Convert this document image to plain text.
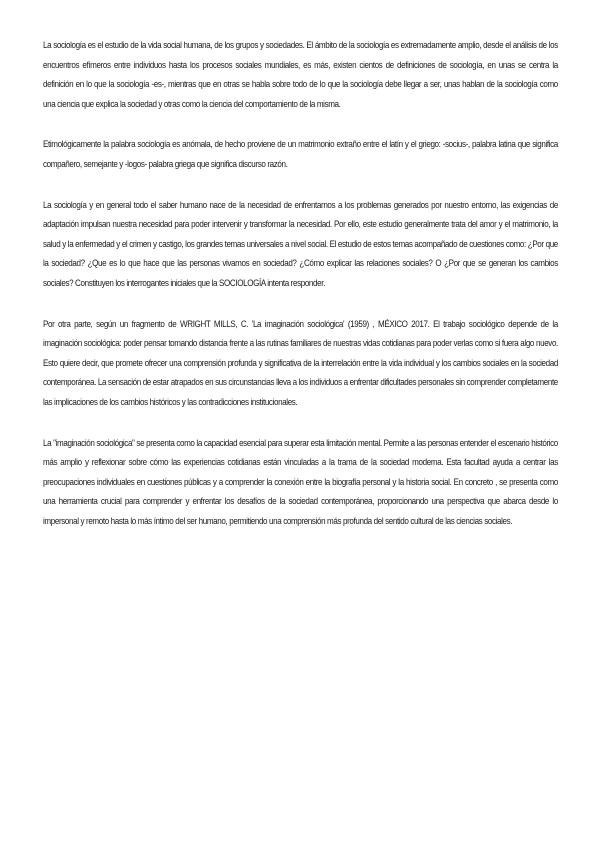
La sociología es el estudio de la vida social humana, de los grupos y sociedades. El ámbito de la sociología es extremadamente amplio, desde el análisis de los encuentros efímeros entre individuos hasta los procesos sociales mundiales, es más, existen cientos de definiciones de sociología, en unas se centra la definición en lo que la sociología -es-, mientras que en otras se habla sobre todo de lo que la sociología debe llegar a ser, unas hablan de la sociología como una ciencia que explica la sociedad y otras como la ciencia del comportamiento de la misma.

Etimológicamente la palabra sociología es anómala, de hecho proviene de un matrimonio extraño entre el latín y el griego: -socius-, palabra latina que significa compañero, semejante y -logos- palabra griega que significa discurso razón.

La sociología y en general todo el saber humano nace de la necesidad de enfrentarnos a los problemas generados por nuestro entorno, las exigencias de adaptación impulsan nuestra necesidad para poder intervenir y transformar la necesidad. Por ello, este estudio generalmente trata del amor y el matrimonio, la salud y la enfermedad y el crimen y castigo, los grandes temas universales a nivel social. El estudio de estos temas acompañado de cuestiones como: ¿Por que la sociedad? ¿Que es lo que hace que las personas vivamos en sociedad? ¿Cómo explicar las relaciones sociales? O ¿Por que se generan los cambios sociales? Constituyen los interrogantes iniciales que la SOCIOLOGÍA intenta responder.

Por otra parte, según un fragmento de WRIGHT MILLS, C. 'La imaginación sociológica' (1959) , MÉXICO 2017. El trabajo sociológico depende de la imaginación sociológica: poder pensar tomando distancia frente a las rutinas familiares de nuestras vidas cotidianas para poder verlas como si fuera algo nuevo. Esto quiere decir, que promete ofrecer una comprensión profunda y significativa de la interrelación entre la vida individual y los cambios sociales en la sociedad contemporánea. La sensación de estar atrapados en sus circunstancias lleva a los individuos a enfrentar dificultades personales sin comprender completamente las implicaciones de los cambios históricos y las contradicciones institucionales.

La "imaginación sociológica" se presenta como la capacidad esencial para superar esta limitación mental. Permite a las personas entender el escenario histórico más amplio y reflexionar sobre cómo las experiencias cotidianas están vinculadas a la trama de la sociedad moderna. Esta facultad ayuda a centrar las preocupaciones individuales en cuestiones públicas y a comprender la conexión entre la biografía personal y la historia social. En concreto , se presenta como una herramienta crucial para comprender y enfrentar los desafíos de la sociedad contemporánea, proporcionando una perspectiva que abarca desde lo impersonal y remoto hasta lo más íntimo del ser humano, permitiendo una comprensión más profunda del sentido cultural de las ciencias sociales.
